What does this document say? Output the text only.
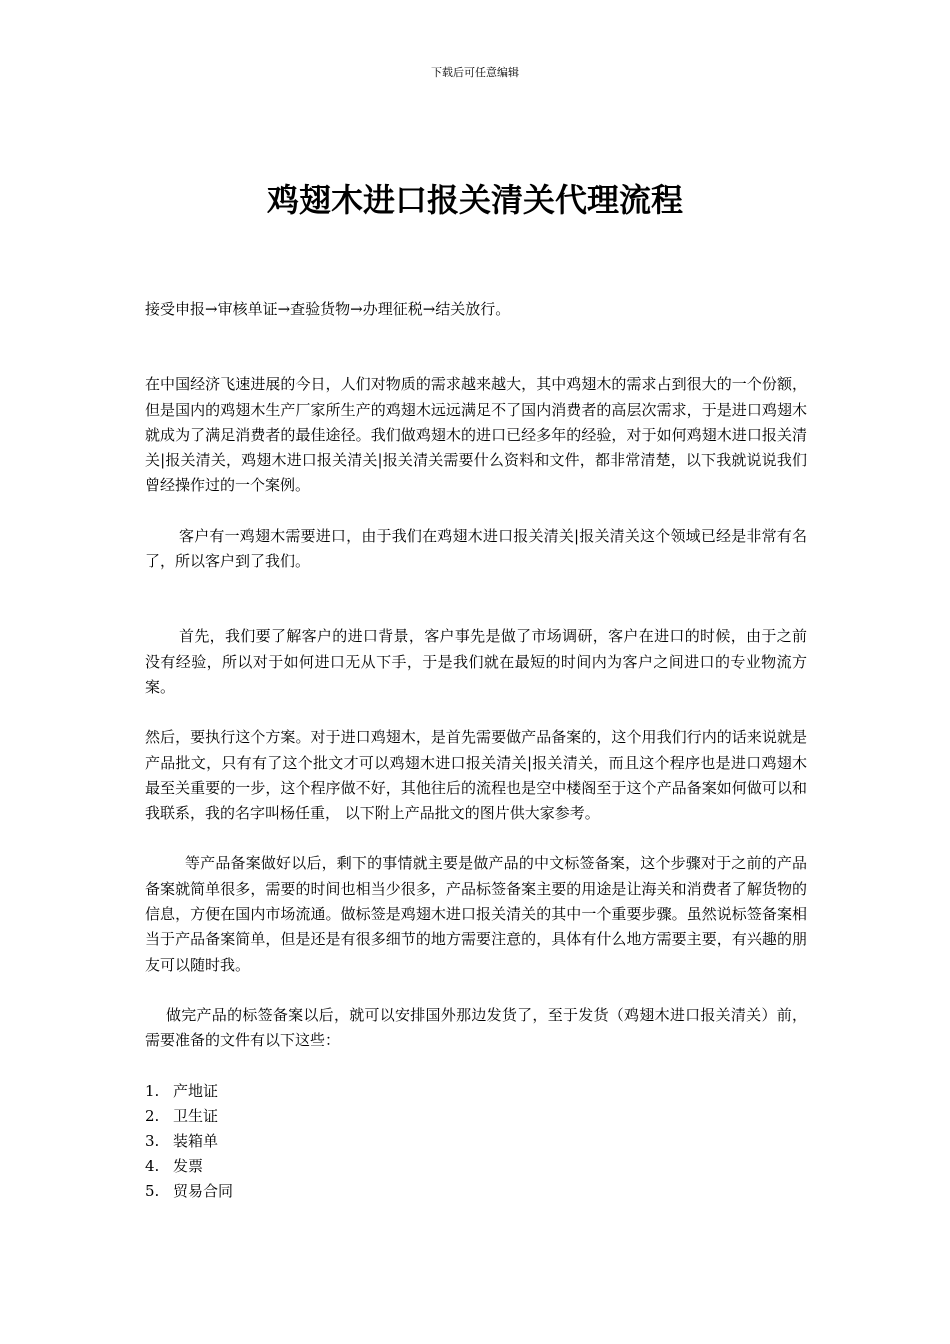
下载后可任意编辑
鸡翅木进口报关清关代理流程

接受申报→审核单证→查验货物→办理征税→结关放行。

在中国经济飞速进展的今日，人们对物质的需求越来越大，其中鸡翅木的需求占到很大的一个份额，但是国内的鸡翅木生产厂家所生产的鸡翅木远远满足不了国内消费者的高层次需求，于是进口鸡翅木就成为了满足消费者的最佳途径。我们做鸡翅木的进口已经多年的经验，对于如何鸡翅木进口报关清关|报关清关，鸡翅木进口报关清关|报关清关需要什么资料和文件，都非常清楚，以下我就说说我们曾经操作过的一个案例。

客户有一鸡翅木需要进口，由于我们在鸡翅木进口报关清关|报关清关这个领域已经是非常有名了，所以客户到了我们。

首先，我们要了解客户的进口背景，客户事先是做了市场调研，客户在进口的时候，由于之前没有经验，所以对于如何进口无从下手，于是我们就在最短的时间内为客户之间进口的专业物流方案。

然后，要执行这个方案。对于进口鸡翅木，是首先需要做产品备案的，这个用我们行内的话来说就是产品批文，只有有了这个批文才可以鸡翅木进口报关清关|报关清关，而且这个程序也是进口鸡翅木最至关重要的一步，这个程序做不好，其他往后的流程也是空中楼阁至于这个产品备案如何做可以和我联系，我的名字叫杨任重， 以下附上产品批文的图片供大家参考。

等产品备案做好以后，剩下的事情就主要是做产品的中文标签备案，这个步骤对于之前的产品备案就简单很多，需要的时间也相当少很多，产品标签备案主要的用途是让海关和消费者了解货物的信息，方便在国内市场流通。做标签是鸡翅木进口报关清关的其中一个重要步骤。虽然说标签备案相当于产品备案简单，但是还是有很多细节的地方需要注意的，具体有什么地方需要主要，有兴趣的朋友可以随时我。

做完产品的标签备案以后，就可以安排国外那边发货了，至于发货（鸡翅木进口报关清关）前，需要准备的文件有以下这些：

1. 产地证
2. 卫生证
3. 装箱单
4. 发票
5. 贸易合同
